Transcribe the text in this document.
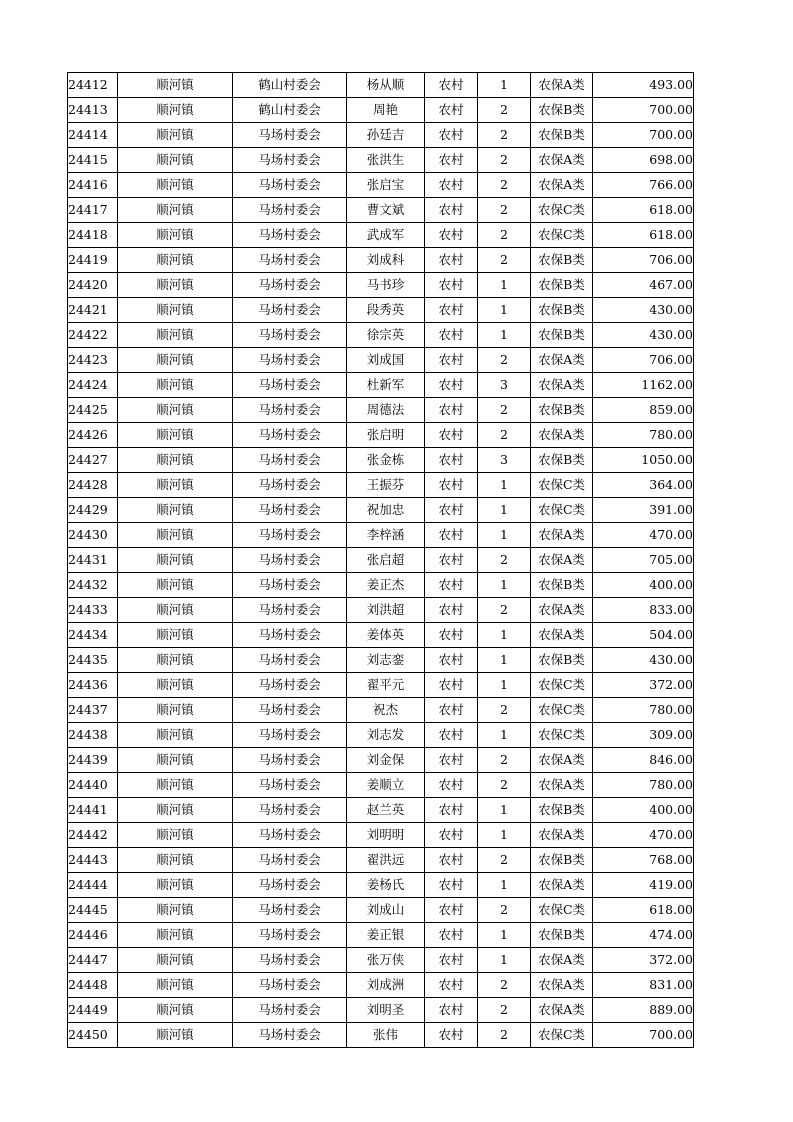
24412	顺河镇	鹤山村委会	杨从顺	农村	1	农保A类	493.00
24413	顺河镇	鹤山村委会	周艳	农村	2	农保B类	700.00
24414	顺河镇	马场村委会	孙廷吉	农村	2	农保B类	700.00
24415	顺河镇	马场村委会	张洪生	农村	2	农保A类	698.00
24416	顺河镇	马场村委会	张启宝	农村	2	农保A类	766.00
24417	顺河镇	马场村委会	曹文斌	农村	2	农保C类	618.00
24418	顺河镇	马场村委会	武成军	农村	2	农保C类	618.00
24419	顺河镇	马场村委会	刘成科	农村	2	农保B类	706.00
24420	顺河镇	马场村委会	马书珍	农村	1	农保B类	467.00
24421	顺河镇	马场村委会	段秀英	农村	1	农保B类	430.00
24422	顺河镇	马场村委会	徐宗英	农村	1	农保B类	430.00
24423	顺河镇	马场村委会	刘成国	农村	2	农保A类	706.00
24424	顺河镇	马场村委会	杜新军	农村	3	农保A类	1162.00
24425	顺河镇	马场村委会	周德法	农村	2	农保B类	859.00
24426	顺河镇	马场村委会	张启明	农村	2	农保A类	780.00
24427	顺河镇	马场村委会	张金栋	农村	3	农保B类	1050.00
24428	顺河镇	马场村委会	王振芬	农村	1	农保C类	364.00
24429	顺河镇	马场村委会	祝加忠	农村	1	农保C类	391.00
24430	顺河镇	马场村委会	李梓涵	农村	1	农保A类	470.00
24431	顺河镇	马场村委会	张启超	农村	2	农保A类	705.00
24432	顺河镇	马场村委会	姜正杰	农村	1	农保B类	400.00
24433	顺河镇	马场村委会	刘洪超	农村	2	农保A类	833.00
24434	顺河镇	马场村委会	姜体英	农村	1	农保A类	504.00
24435	顺河镇	马场村委会	刘志銮	农村	1	农保B类	430.00
24436	顺河镇	马场村委会	翟平元	农村	1	农保C类	372.00
24437	顺河镇	马场村委会	祝杰	农村	2	农保C类	780.00
24438	顺河镇	马场村委会	刘志发	农村	1	农保C类	309.00
24439	顺河镇	马场村委会	刘金保	农村	2	农保A类	846.00
24440	顺河镇	马场村委会	姜顺立	农村	2	农保A类	780.00
24441	顺河镇	马场村委会	赵兰英	农村	1	农保B类	400.00
24442	顺河镇	马场村委会	刘明明	农村	1	农保A类	470.00
24443	顺河镇	马场村委会	翟洪远	农村	2	农保B类	768.00
24444	顺河镇	马场村委会	姜杨氏	农村	1	农保A类	419.00
24445	顺河镇	马场村委会	刘成山	农村	2	农保C类	618.00
24446	顺河镇	马场村委会	姜正银	农村	1	农保B类	474.00
24447	顺河镇	马场村委会	张万侠	农村	1	农保A类	372.00
24448	顺河镇	马场村委会	刘成洲	农村	2	农保A类	831.00
24449	顺河镇	马场村委会	刘明圣	农村	2	农保A类	889.00
24450	顺河镇	马场村委会	张伟	农村	2	农保C类	700.00
